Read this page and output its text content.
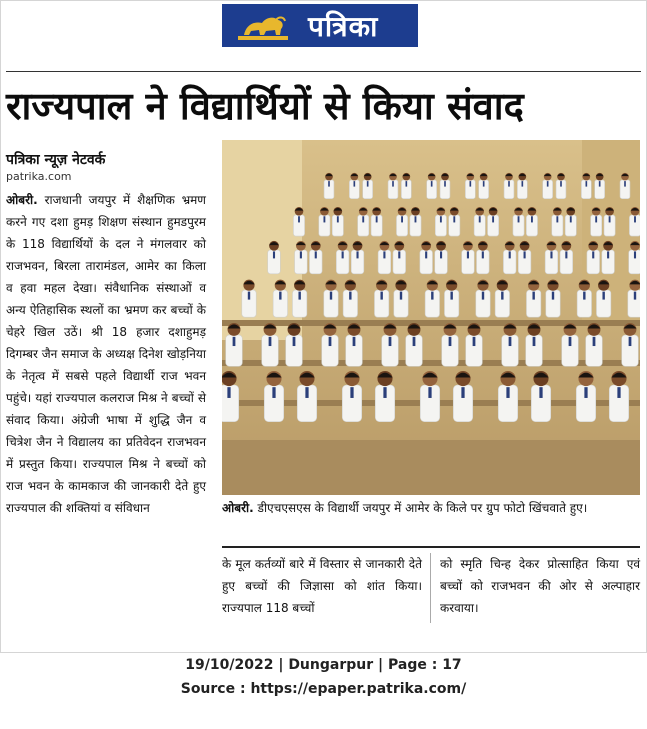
पत्रिका
राज्यपाल ने विद्यार्थियों से किया संवाद
पत्रिका न्यूज़ नेटवर्क
patrika.com
ओबरी. राजधानी जयपुर में शैक्षणिक भ्रमण करने गए दशा हुमड़ शिक्षण संस्थान हुमडपुरम के 118 विद्यार्थियों के दल ने मंगलवार को राजभवन, बिरला तारामंडल, आमेर का किला व हवा महल देखा। संवैधानिक संस्थाओं व अन्य ऐतिहासिक स्थलों का भ्रमण कर बच्चों के चेहरे खिल उठें। श्री 18 हजार दशाहुमड़ दिगम्बर जैन समाज के अध्यक्ष दिनेश खोड़निया के नेतृत्व में सबसे पहले विद्यार्थी राज भवन पहुंचे। यहां राज्यपाल कलराज मिश्र ने बच्चों से संवाद किया। अंग्रेजी भाषा में शुद्धि जैन व चित्रेश जैन ने विद्यालय का प्रतिवेदन राजभवन में प्रस्तुत किया। राज्यपाल मिश्र ने बच्चों को राज भवन के कामकाज की जानकारी देते हुए राज्यपाल की शक्तियां व संविधान	ओबरी. डीएचएसएस के विद्यार्थी जयपुर में आमेर के किले पर ग्रुप फोटो खिंचवाते हुए।
के मूल कर्तव्यों बारे में विस्तार से जानकारी देते हुए बच्चों की जिज्ञासा को शांत किया। राज्यपाल 118 बच्चों
को स्मृति चिन्ह देकर प्रोत्साहित किया एवं बच्चों को राजभवन की ओर से अल्पाहार करवाया।
19/10/2022 | Dungarpur | Page : 17
Source : https://epaper.patrika.com/
